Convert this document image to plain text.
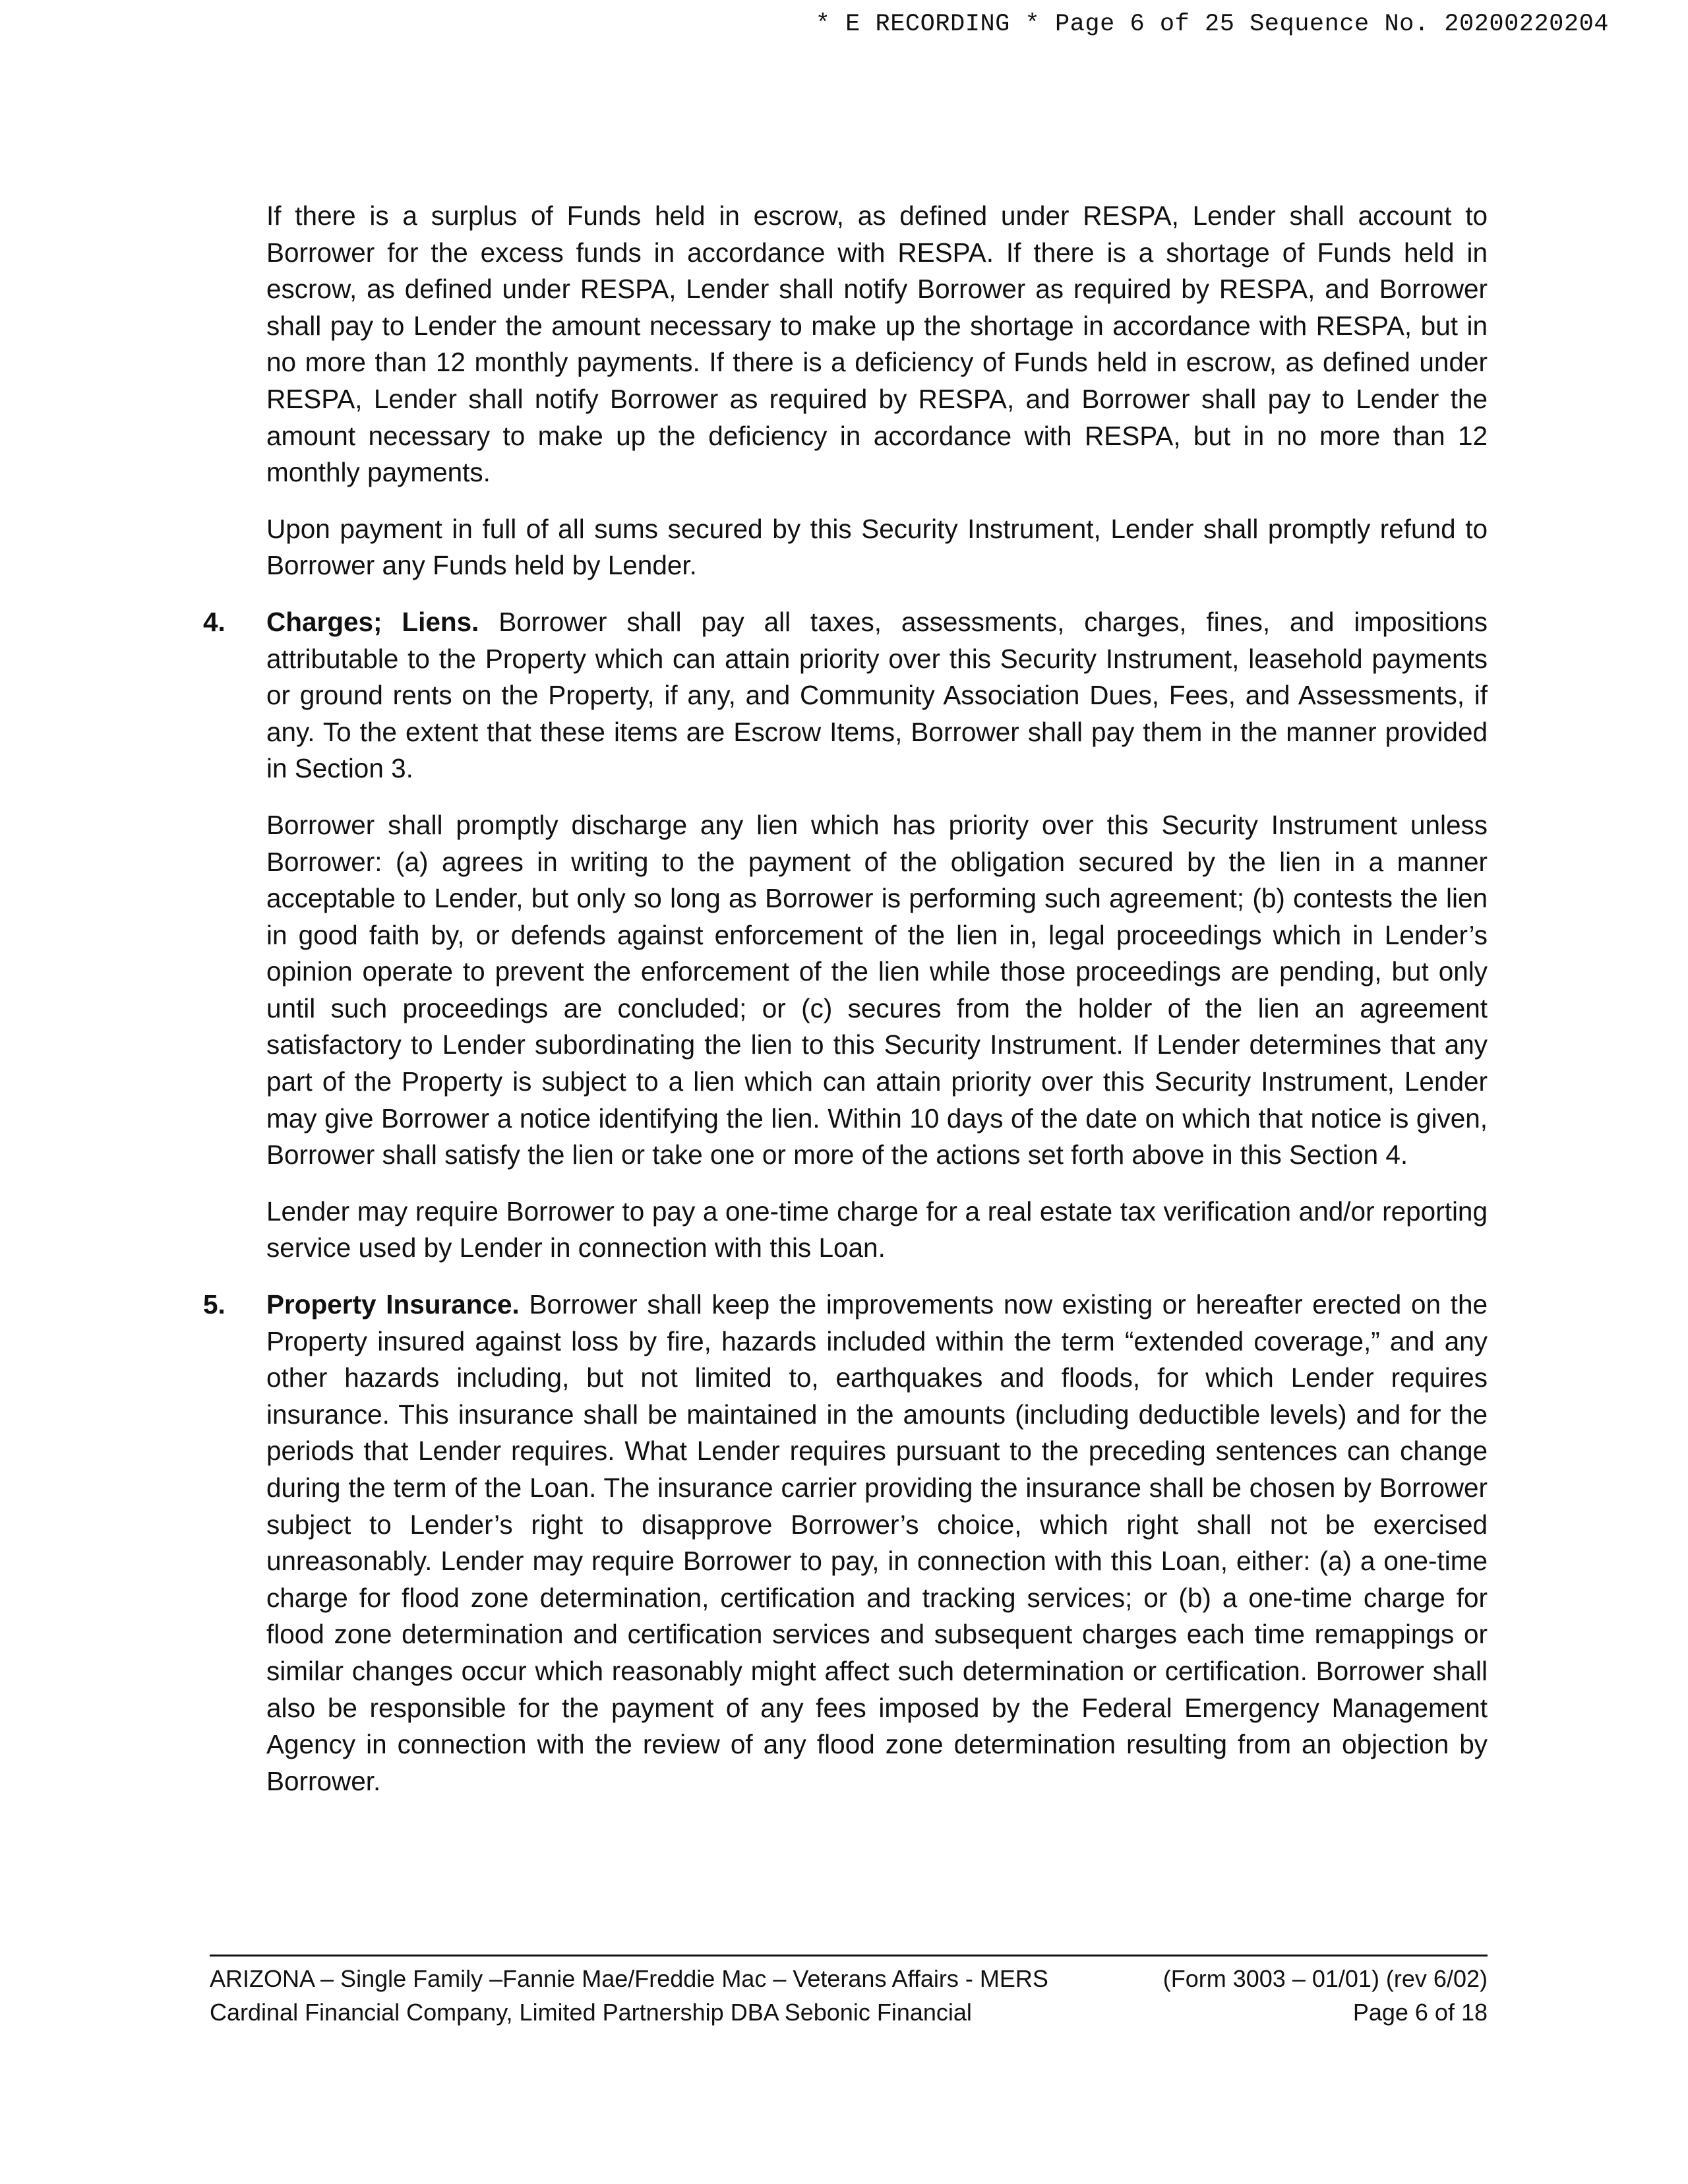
* E RECORDING * Page 6 of 25 Sequence No. 20200220204

If there is a surplus of Funds held in escrow, as defined under RESPA, Lender shall account to Borrower for the excess funds in accordance with RESPA. If there is a shortage of Funds held in escrow, as defined under RESPA, Lender shall notify Borrower as required by RESPA, and Borrower shall pay to Lender the amount necessary to make up the shortage in accordance with RESPA, but in no more than 12 monthly payments. If there is a deficiency of Funds held in escrow, as defined under RESPA, Lender shall notify Borrower as required by RESPA, and Borrower shall pay to Lender the amount necessary to make up the deficiency in accordance with RESPA, but in no more than 12 monthly payments.

Upon payment in full of all sums secured by this Security Instrument, Lender shall promptly refund to Borrower any Funds held by Lender.

4. Charges; Liens. Borrower shall pay all taxes, assessments, charges, fines, and impositions attributable to the Property which can attain priority over this Security Instrument, leasehold payments or ground rents on the Property, if any, and Community Association Dues, Fees, and Assessments, if any. To the extent that these items are Escrow Items, Borrower shall pay them in the manner provided in Section 3.

Borrower shall promptly discharge any lien which has priority over this Security Instrument unless Borrower: (a) agrees in writing to the payment of the obligation secured by the lien in a manner acceptable to Lender, but only so long as Borrower is performing such agreement; (b) contests the lien in good faith by, or defends against enforcement of the lien in, legal proceedings which in Lender’s opinion operate to prevent the enforcement of the lien while those proceedings are pending, but only until such proceedings are concluded; or (c) secures from the holder of the lien an agreement satisfactory to Lender subordinating the lien to this Security Instrument. If Lender determines that any part of the Property is subject to a lien which can attain priority over this Security Instrument, Lender may give Borrower a notice identifying the lien. Within 10 days of the date on which that notice is given, Borrower shall satisfy the lien or take one or more of the actions set forth above in this Section 4.

Lender may require Borrower to pay a one-time charge for a real estate tax verification and/or reporting service used by Lender in connection with this Loan.

5. Property Insurance. Borrower shall keep the improvements now existing or hereafter erected on the Property insured against loss by fire, hazards included within the term “extended coverage,” and any other hazards including, but not limited to, earthquakes and floods, for which Lender requires insurance. This insurance shall be maintained in the amounts (including deductible levels) and for the periods that Lender requires. What Lender requires pursuant to the preceding sentences can change during the term of the Loan. The insurance carrier providing the insurance shall be chosen by Borrower subject to Lender’s right to disapprove Borrower’s choice, which right shall not be exercised unreasonably. Lender may require Borrower to pay, in connection with this Loan, either: (a) a one-time charge for flood zone determination, certification and tracking services; or (b) a one-time charge for flood zone determination and certification services and subsequent charges each time remappings or similar changes occur which reasonably might affect such determination or certification. Borrower shall also be responsible for the payment of any fees imposed by the Federal Emergency Management Agency in connection with the review of any flood zone determination resulting from an objection by Borrower.

ARIZONA – Single Family –Fannie Mae/Freddie Mac – Veterans Affairs - MERS	(Form 3003 – 01/01) (rev 6/02)
Cardinal Financial Company, Limited Partnership DBA Sebonic Financial	Page 6 of 18
